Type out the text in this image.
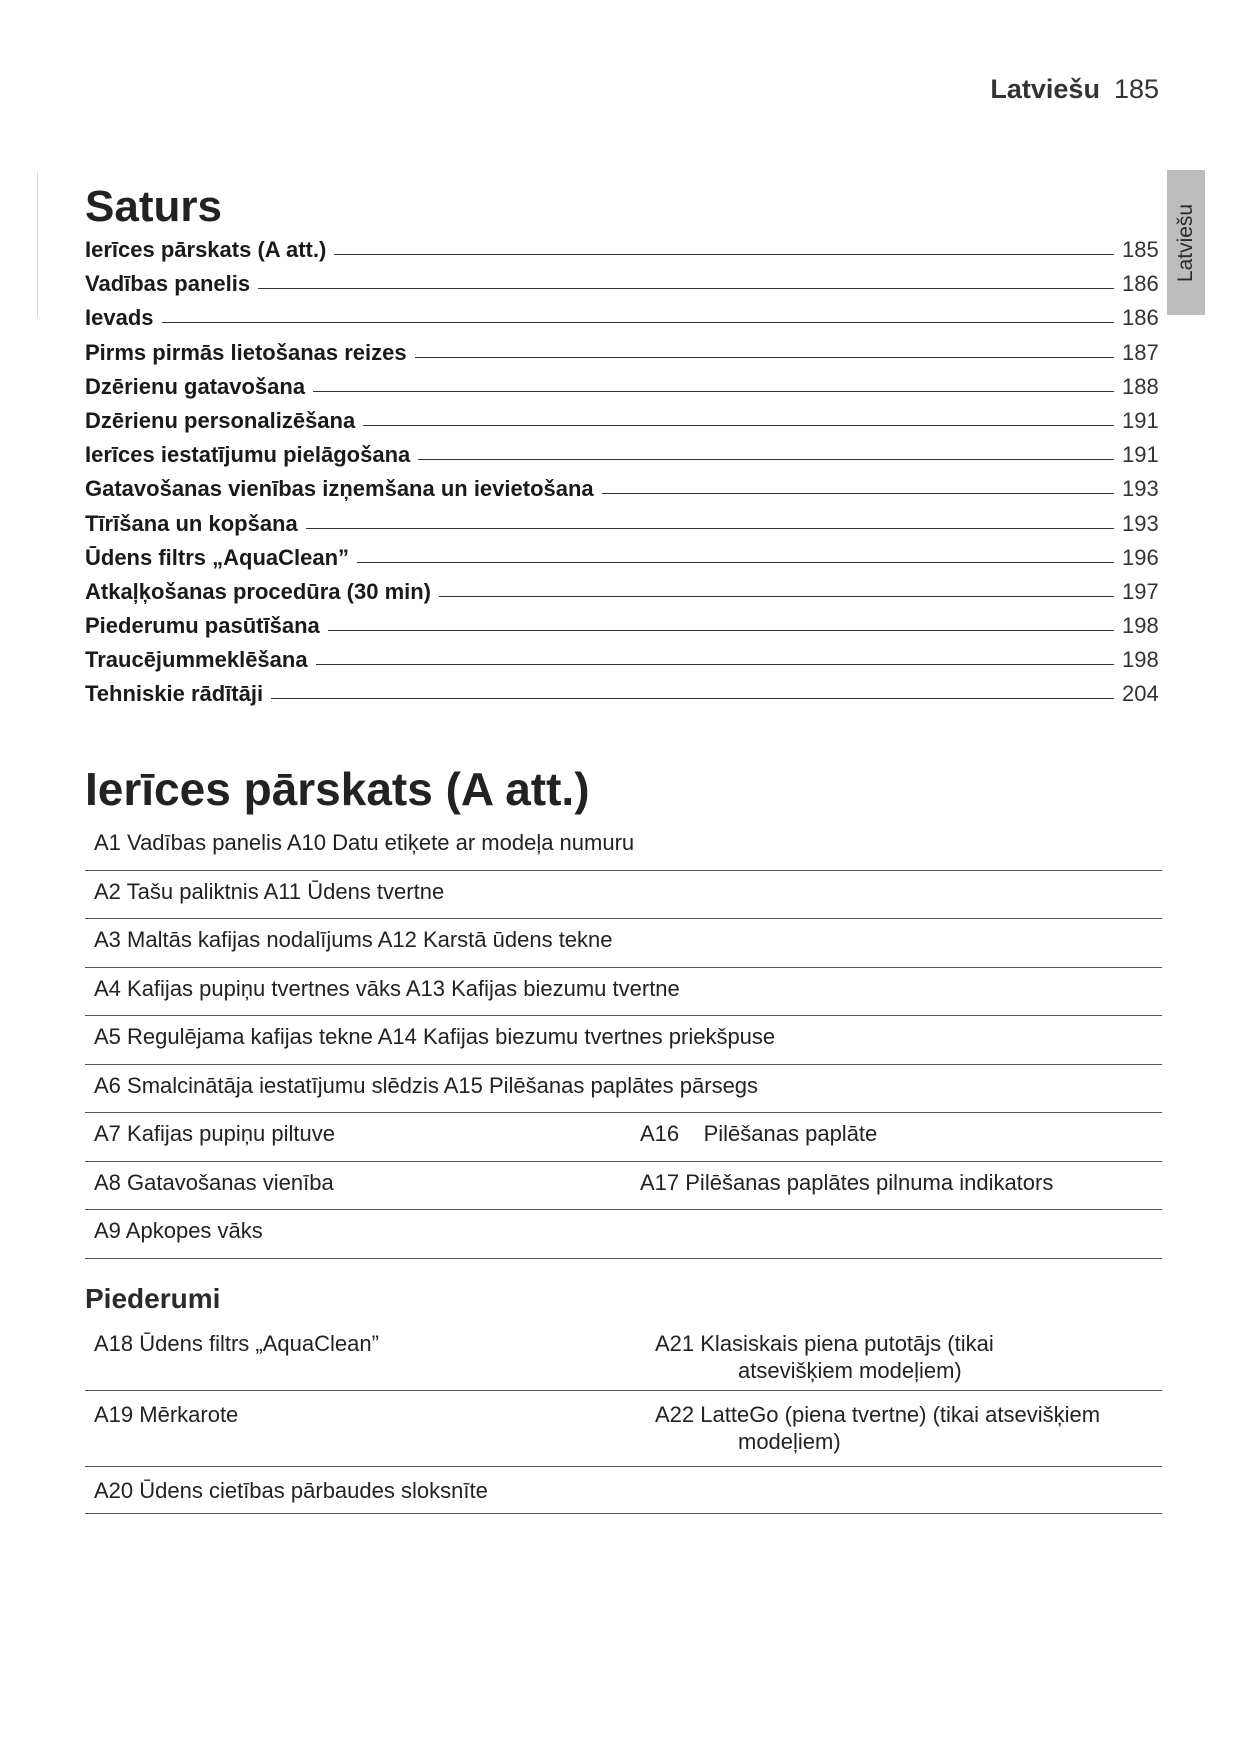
Latviešu 185
Latviešu
Saturs
Ierīces pārskats (A att.)	185
Vadības panelis	186
Ievads	186
Pirms pirmās lietošanas reizes	187
Dzērienu gatavošana	188
Dzērienu personalizēšana	191
Ierīces iestatījumu pielāgošana	191
Gatavošanas vienības izņemšana un ievietošana	193
Tīrīšana un kopšana	193
Ūdens filtrs „AquaClean”	196
Atkaļķošanas procedūra (30 min)	197
Piederumu pasūtīšana	198
Traucējummeklēšana	198
Tehniskie rādītāji	204
Ierīces pārskats (A att.)
A1 Vadības panelis A10 Datu etiķete ar modeļa numuru
A2 Tašu paliktnis A11 Ūdens tvertne
A3 Maltās kafijas nodalījums A12 Karstā ūdens tekne
A4 Kafijas pupiņu tvertnes vāks A13 Kafijas biezumu tvertne
A5 Regulējama kafijas tekne A14 Kafijas biezumu tvertnes priekšpuse
A6 Smalcinātāja iestatījumu slēdzis A15 Pilēšanas paplātes pārsegs
A7 Kafijas pupiņu piltuve	A16    Pilēšanas paplāte
A8 Gatavošanas vienība	A17 Pilēšanas paplātes pilnuma indikators
A9 Apkopes vāks
Piederumi
A18 Ūdens filtrs „AquaClean”	A21 Klasiskais piena putotājs (tikai
atsevišķiem modeļiem)
A19 Mērkarote	A22 LatteGo (piena tvertne) (tikai atsevišķiem
modeļiem)
A20 Ūdens cietības pārbaudes sloksnīte
